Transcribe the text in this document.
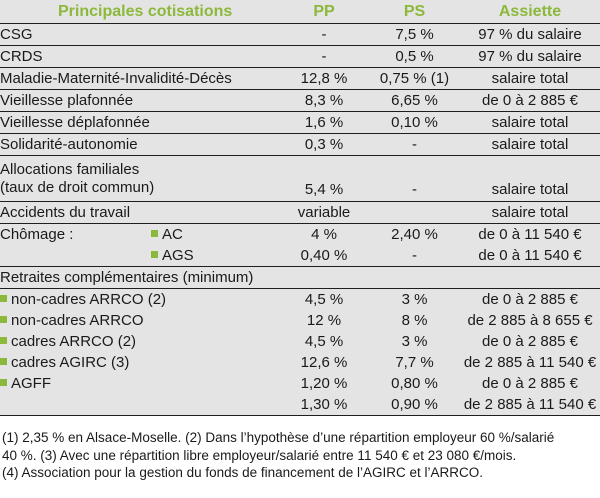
Principales cotisations	PP	PS	Assiette
CSG	-	7,5 %	97 % du salaire
CRDS	-	0,5 %	97 % du salaire
Maladie-Maternité-Invalidité-Décès	12,8 %	0,75 % (1)	salaire total
Vieillesse plafonnée	8,3 %	6,65 %	de 0 à 2 885 €
Vieillesse déplafonnée	1,6 %	0,10 %	salaire total
Solidarité-autonomie	0,3 %	-	salaire total

Allocations familiales
(taux de droit commun)	5,4 %	-	salaire total
Accidents du travail	variable		salaire total

Chômage : AC	4 %	2,40 %	de 0 à 11 540 €

AGS	0,40 %	-	de 0 à 11 540 €
Retraites complémentaires (minimum)			
non-cadres ARRCO (2)	4,5 %	3 %	de 0 à 2 885 €
non-cadres ARRCO	12 %	8 %	de 2 885 à 8 655 €
cadres ARRCO (2)	4,5 %	3 %	de 0 à 2 885 €
cadres AGIRC (3)	12,6 %	7,7 %	de 2 885 à 11 540 €
AGFF	1,20 %	0,80 %	de 0 à 2 885 €
	1,30 %	0,90 %	de 2 885 à 11 540 €
(1) 2,35 % en Alsace-Moselle. (2) Dans l’hypothèse d’une répartition employeur 60 %/salarié
40 %. (3) Avec une répartition libre employeur/salarié entre 11 540 € et 23 080 €/mois.
(4) Association pour la gestion du fonds de financement de l’AGIRC et l’ARRCO.
